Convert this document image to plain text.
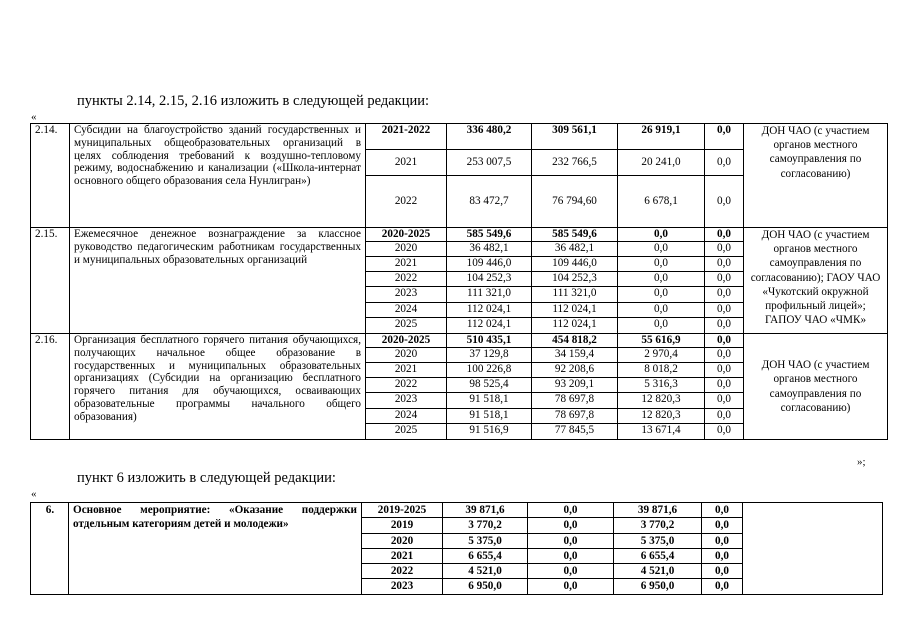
пункты 2.14, 2.15, 2.16 изложить в следующей редакции:
«
2.14.	Субсидии на благоустройство зданий государственных и муниципальных общеобразовательных организаций в целях соблюдения требований к воздушно-тепловому режиму, водоснабжению и канализации («Школа-интернат основного общего образования села Нунлигран»)	2021-2022	336 480,2	309 561,1	26 919,1	0,0	ДОН ЧАО (с участием органов местного самоуправления по согласованию)
		2021	253 007,5	232 766,5	20 241,0	0,0	
		2022	83 472,7	76 794,60	6 678,1	0,0	
2.15.	Ежемесячное денежное вознаграждение за классное руководство педагогическим работникам государственных и муниципальных образовательных организаций	2020-2025	585 549,6	585 549,6	0,0	0,0	ДОН ЧАО (с участием органов местного самоуправления по согласованию); ГАОУ ЧАО «Чукотский окружной профильный лицей»; ГАПОУ ЧАО «ЧМК»
		2020	36 482,1	36 482,1	0,0	0,0	
		2021	109 446,0	109 446,0	0,0	0,0	
		2022	104 252,3	104 252,3	0,0	0,0	
		2023	111 321,0	111 321,0	0,0	0,0	
		2024	112 024,1	112 024,1	0,0	0,0	
		2025	112 024,1	112 024,1	0,0	0,0	
2.16.	Организация бесплатного горячего питания обучающихся, получающих начальное общее образование в государственных и муниципальных образовательных организациях (Субсидии на организацию бесплатного горячего питания для обучающихся, осваивающих образовательные программы начального общего образования)	2020-2025	510 435,1	454 818,2	55 616,9	0,0	ДОН ЧАО (с участием органов местного самоуправления по согласованию)
		2020	37 129,8	34 159,4	2 970,4	0,0	
		2021	100 226,8	92 208,6	8 018,2	0,0	
		2022	98 525,4	93 209,1	5 316,3	0,0	
		2023	91 518,1	78 697,8	12 820,3	0,0	
		2024	91 518,1	78 697,8	12 820,3	0,0	
		2025	91 516,9	77 845,5	13 671,4	0,0	
»;
пункт 6 изложить в следующей редакции:
«
6.	Основное мероприятие: «Оказание поддержки отдельным категориям детей и молодежи»	2019-2025	39 871,6	0,0	39 871,6	0,0	
		2019	3 770,2	0,0	3 770,2	0,0	
		2020	5 375,0	0,0	5 375,0	0,0	
		2021	6 655,4	0,0	6 655,4	0,0	
		2022	4 521,0	0,0	4 521,0	0,0	
		2023	6 950,0	0,0	6 950,0	0,0	
